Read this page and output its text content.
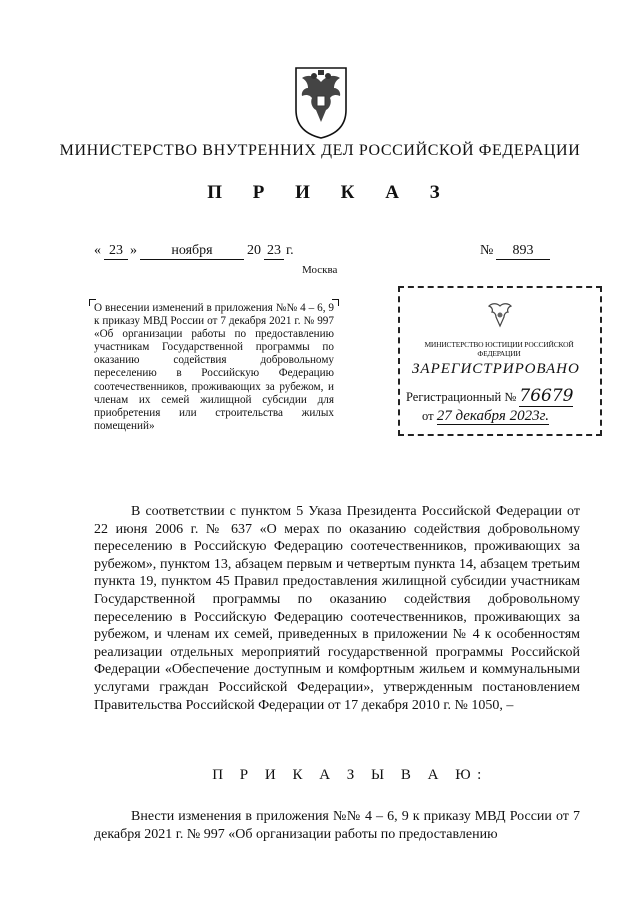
МИНИСТЕРСТВО ВНУТРЕННИХ ДЕЛ РОССИЙСКОЙ ФЕДЕРАЦИИ
П Р И К А З
« 23 »	ноября	20 23 г.	№	893
Москва
О внесении изменений в приложения №№ 4 – 6, 9 к приказу МВД России от 7 декабря 2021 г. № 997 «Об организации работы по предоставлению участникам Государственной программы по оказанию содействия добровольному переселению в Российскую Федерацию соотечественников, проживающих за рубежом, и членам их семей жилищной субсидии для приобретения или строительства жилых помещений»
МИНИСТЕРСТВО ЮСТИЦИИ РОССИЙСКОЙ ФЕДЕРАЦИИ
ЗАРЕГИСТРИРОВАНО
Регистрационный № 76679
от 27 декабря 2023г.
В соответствии с пунктом 5 Указа Президента Российской Федерации от 22 июня 2006 г. № 637 «О мерах по оказанию содействия добровольному переселению в Российскую Федерацию соотечественников, проживающих за рубежом», пунктом 13, абзацем первым и четвертым пункта 14, абзацем третьим пункта 19, пунктом 45 Правил предоставления жилищной субсидии участникам Государственной программы по оказанию содействия добровольному переселению в Российскую Федерацию соотечественников, проживающих за рубежом, и членам их семей, приведенных в приложении № 4 к особенностям реализации отдельных мероприятий государственной программы Российской Федерации «Обеспечение доступным и комфортным жильем и коммунальными услугами граждан Российской Федерации», утвержденным постановлением Правительства Российской Федерации от 17 декабря 2010 г. № 1050, –
П Р И К А З Ы В А Ю:
Внести изменения в приложения №№ 4 – 6, 9 к приказу МВД России от 7 декабря 2021 г. № 997 «Об организации работы по предоставлению
